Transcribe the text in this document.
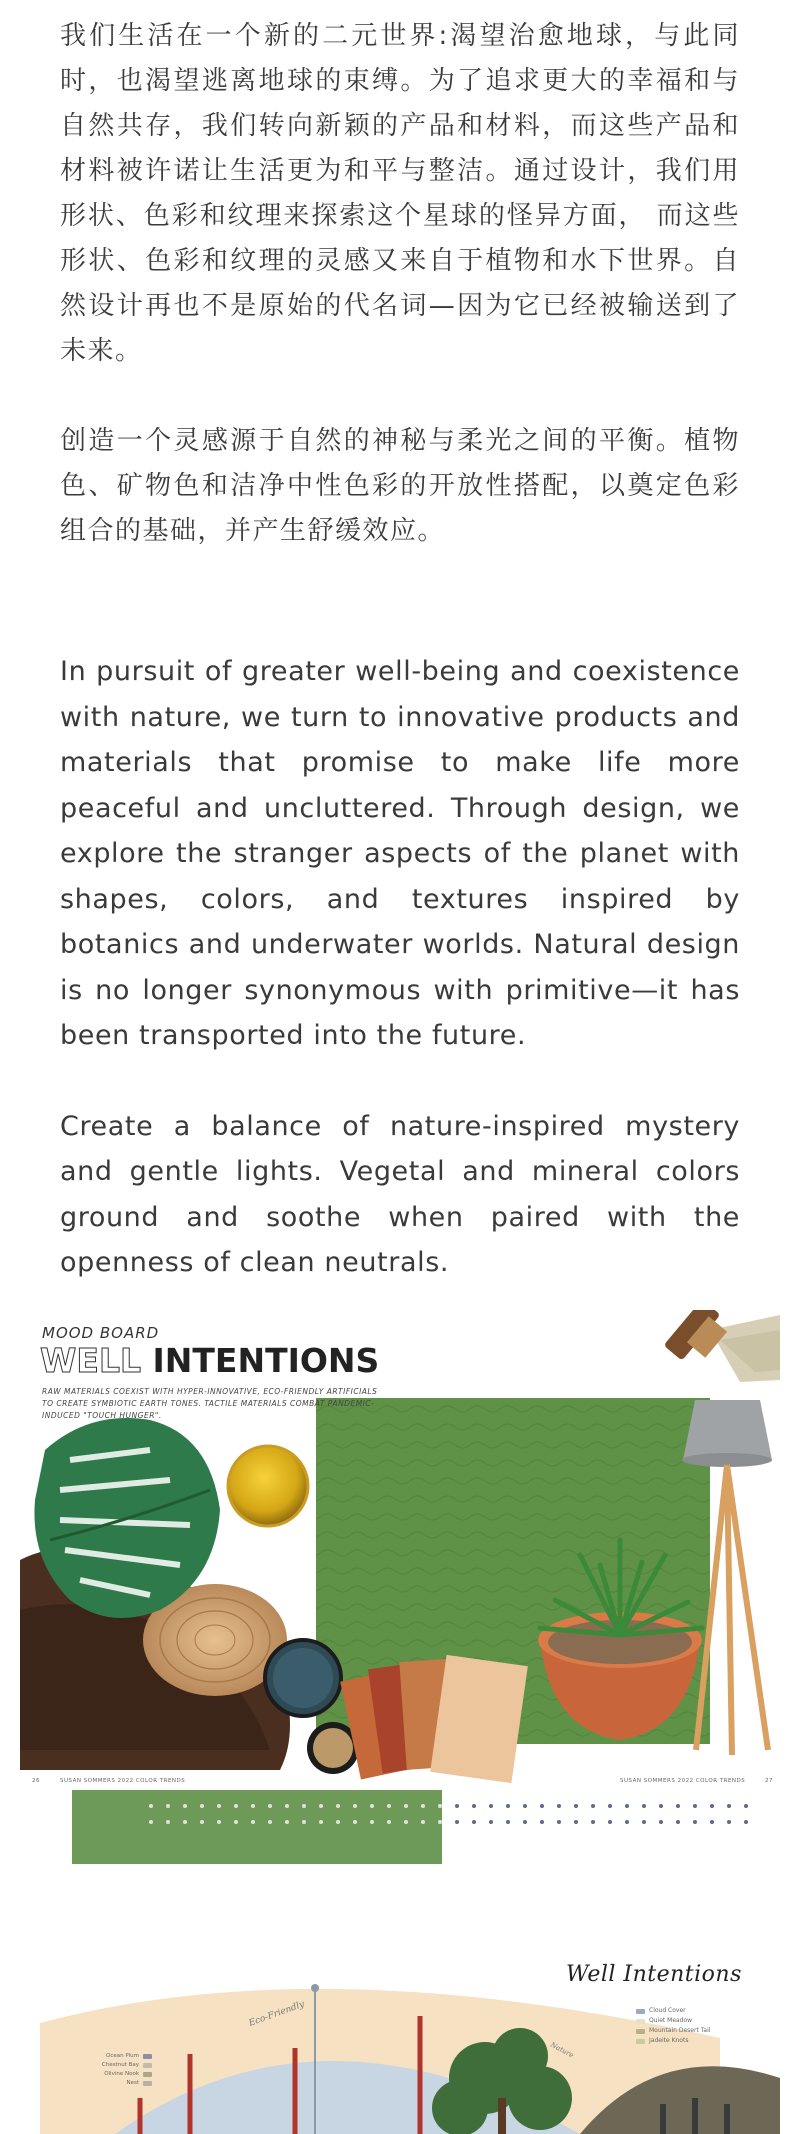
我们生活在一个新的二元世界:渴望治愈地球，与此同时，也渴望逃离地球的束缚。为了追求更大的幸福和与自然共存，我们转向新颖的产品和材料，而这些产品和材料被许诺让生活更为和平与整洁。通过设计，我们用形状、色彩和纹理来探索这个星球的怪异方面， 而这些形状、色彩和纹理的灵感又来自于植物和水下世界。自然设计再也不是原始的代名词—因为它已经被输送到了未来。

创造一个灵感源于自然的神秘与柔光之间的平衡。植物色、矿物色和洁净中性色彩的开放性搭配，以奠定色彩组合的基础，并产生舒缓效应。

In pursuit of greater well-being and coexistence with nature, we turn to innovative products and materials that promise to make life more peaceful and uncluttered. Through design, we explore the stranger aspects of the planet with shapes, colors, and textures inspired by botanics and underwater worlds. Natural design is no longer synonymous with primitive—it has been transported into the future.

Create a balance of nature-inspired mystery and gentle lights. Vegetal and mineral colors ground and soothe when paired with the openness of clean neutrals.

MOOD BOARD
WELL INTENTIONS
RAW MATERIALS COEXIST WITH HYPER-INNOVATIVE, ECO-FRIENDLY ARTIFICIALS TO CREATE SYMBIOTIC EARTH TONES. TACTILE MATERIALS COMBAT PANDEMIC-INDUCED "TOUCH HUNGER".
26	SUSAN SOMMERS 2022 COLOR TRENDS	SUSAN SOMMERS 2022 COLOR TRENDS	27
Eco-Friendly
Nature
Well Intentions
Cloud Cover
Quiet Meadow
Mountain Desert Tail
Jadeite Knots
Ocean Plum
Chestnut Bay
Olivine Nook
Nest
